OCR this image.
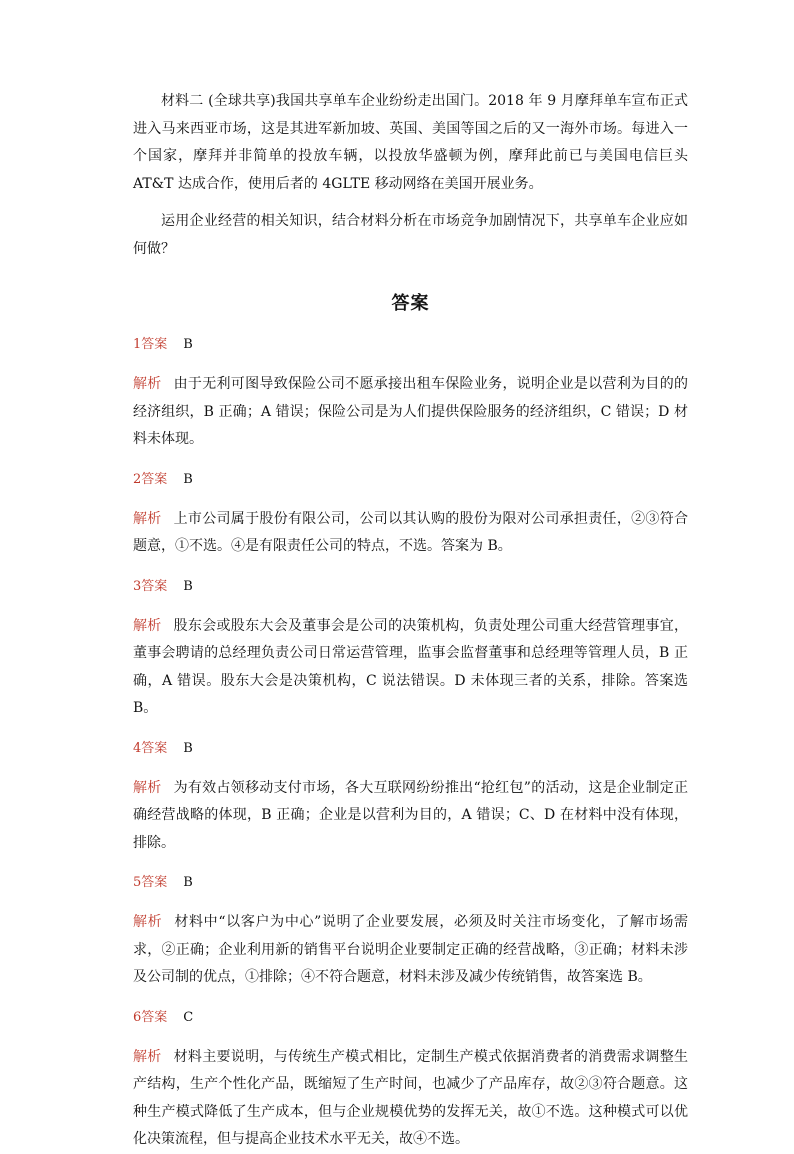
材料二 (全球共享)我国共享单车企业纷纷走出国门。2018 年 9 月摩拜单车宣布正式进入马来西亚市场，这是其进军新加坡、英国、美国等国之后的又一海外市场。每进入一个国家，摩拜并非简单的投放车辆，以投放华盛顿为例，摩拜此前已与美国电信巨头 AT&T 达成合作，使用后者的 4GLTE 移动网络在美国开展业务。

运用企业经营的相关知识，结合材料分析在市场竞争加剧情况下，共享单车企业应如何做？

答案

1答案 B

解析 由于无利可图导致保险公司不愿承接出租车保险业务，说明企业是以营利为目的的经济组织，B 正确；A 错误；保险公司是为人们提供保险服务的经济组织，C 错误；D 材料未体现。

2答案 B

解析 上市公司属于股份有限公司，公司以其认购的股份为限对公司承担责任，②③符合题意，①不选。④是有限责任公司的特点，不选。答案为 B。

3答案 B

解析 股东会或股东大会及董事会是公司的决策机构，负责处理公司重大经营管理事宜，董事会聘请的总经理负责公司日常运营管理，监事会监督董事和总经理等管理人员，B 正确，A 错误。股东大会是决策机构，C 说法错误。D 未体现三者的关系，排除。答案选 B。

4答案 B

解析 为有效占领移动支付市场，各大互联网纷纷推出“抢红包”的活动，这是企业制定正确经营战略的体现，B 正确；企业是以营利为目的，A 错误；C、D 在材料中没有体现，排除。

5答案 B

解析 材料中“以客户为中心”说明了企业要发展，必须及时关注市场变化，了解市场需求，②正确；企业利用新的销售平台说明企业要制定正确的经营战略，③正确；材料未涉及公司制的优点，①排除；④不符合题意，材料未涉及减少传统销售，故答案选 B。

6答案 C

解析 材料主要说明，与传统生产模式相比，定制生产模式依据消费者的消费需求调整生产结构，生产个性化产品，既缩短了生产时间，也减少了产品库存，故②③符合题意。这种生产模式降低了生产成本，但与企业规模优势的发挥无关，故①不选。这种模式可以优化决策流程，但与提高企业技术水平无关，故④不选。
